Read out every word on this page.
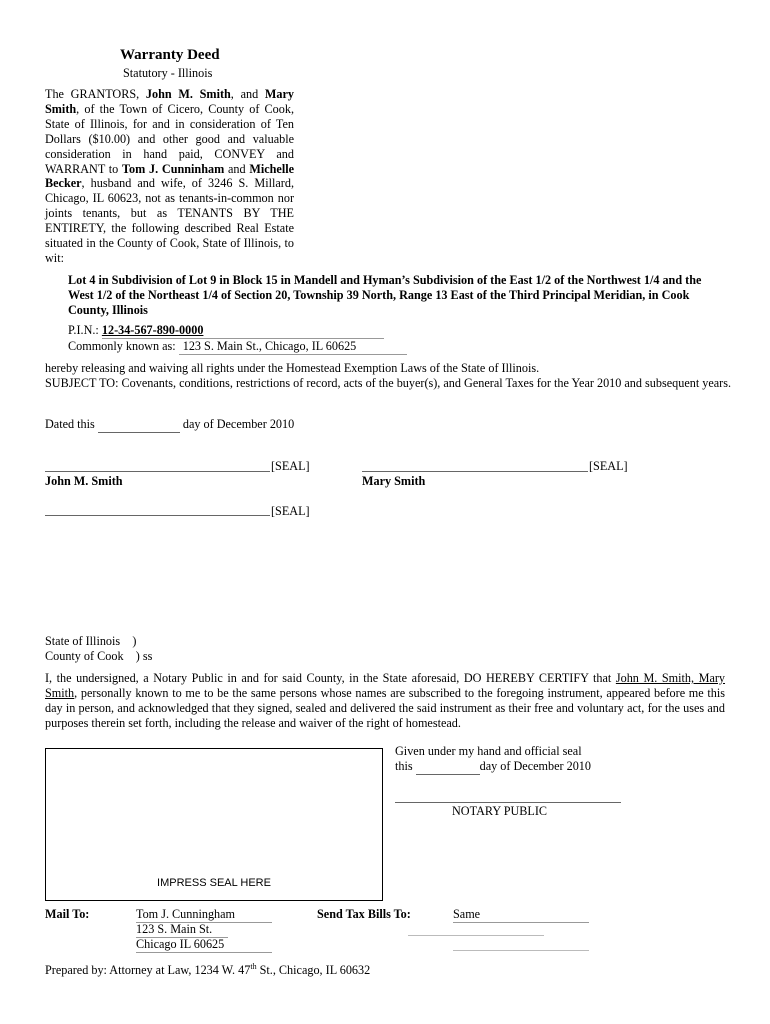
Warranty Deed
Statutory - Illinois
The GRANTORS, John M. Smith, and Mary Smith, of the Town of Cicero, County of Cook, State of Illinois, for and in consideration of Ten Dollars ($10.00) and other good and valuable consideration in hand paid, CONVEY and WARRANT to Tom J. Cunninham and Michelle Becker, husband and wife, of 3246 S. Millard, Chicago, IL 60623, not as tenants-in-common nor joints tenants, but as TENANTS BY THE ENTIRETY, the following described Real Estate situated in the County of Cook, State of Illinois, to wit:
Lot 4 in Subdivision of Lot 9 in Block 15 in Mandell and Hyman’s Subdivision of the East 1/2 of the Northwest 1/4 and the West 1/2 of the Northeast 1/4 of Section 20, Township 39 North, Range 13 East of the Third Principal Meridian, in Cook County, Illinois
P.I.N.: 12-34-567-890-0000
Commonly known as: 123 S. Main St., Chicago, IL 60625
hereby releasing and waiving all rights under the Homestead Exemption Laws of the State of Illinois.
SUBJECT TO: Covenants, conditions, restrictions of record, acts of the buyer(s), and General Taxes for the Year 2010 and subsequent years.
Dated this	day of December 2010
[SEAL]
John M. Smith
[SEAL]
Mary Smith
[SEAL]
State of Illinois    )
County of Cook    ) ss
I, the undersigned, a Notary Public in and for said County, in the State aforesaid, DO HEREBY CERTIFY that John M. Smith, Mary Smith, personally known to me to be the same persons whose names are subscribed to the foregoing instrument, appeared before me this day in person, and acknowledged that they signed, sealed and delivered the said instrument as their free and voluntary act, for the uses and purposes therein set forth, including the release and waiver of the right of homestead.
IMPRESS SEAL HERE
Given under my hand and official seal
this	day of December 2010
NOTARY PUBLIC
Mail To:	Tom J. Cunningham
123 S. Main St.
Chicago IL 60625
Send Tax Bills To:	Same
Prepared by: Attorney at Law, 1234 W. 47th St., Chicago, IL 60632
